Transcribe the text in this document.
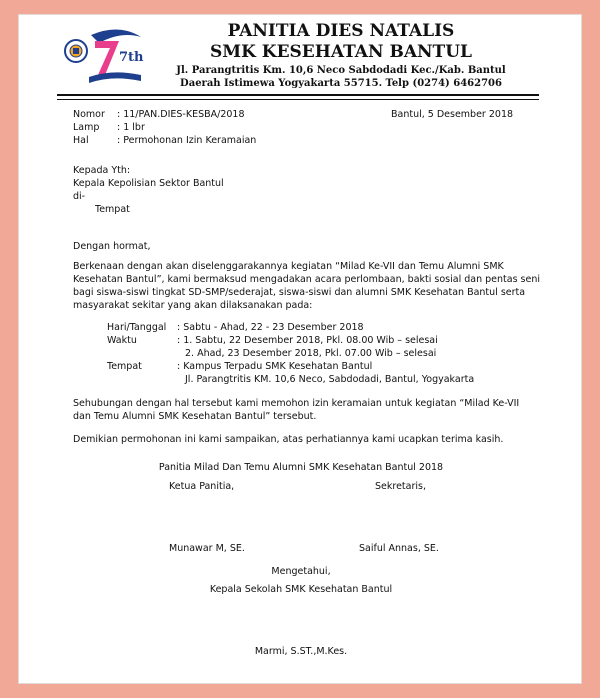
7th
PANITIA DIES NATALIS
SMK KESEHATAN BANTUL
Jl. Parangtritis Km. 10,6 Neco Sabdodadi Kec./Kab. Bantul
Daerah Istimewa Yogyakarta 55715. Telp (0274) 6462706
Nomor : 11/PAN.DIES-KESBA/2018	Bantul, 5 Desember 2018
Lamp : 1 lbr
Hal	: Permohonan Izin Keramaian
Kepada Yth:
Kepala Kepolisian Sektor Bantul
di-
Tempat
Dengan hormat,
Berkenaan dengan akan diselenggarakannya kegiatan “Milad Ke-VII dan Temu Alumni SMK
Kesehatan Bantul”, kami bermaksud mengadakan acara perlombaan, bakti sosial dan pentas seni
bagi siswa-siswi tingkat SD-SMP/sederajat, siswa-siswi dan alumni SMK Kesehatan Bantul serta
masyarakat sekitar yang akan dilaksanakan pada:
Hari/Tanggal : Sabtu - Ahad, 22 - 23 Desember 2018
Waktu	: 1. Sabtu, 22 Desember 2018, Pkl. 08.00 Wib – selesai
2. Ahad, 23 Desember 2018, Pkl. 07.00 Wib – selesai
Tempat	: Kampus Terpadu SMK Kesehatan Bantul
Jl. Parangtritis KM. 10,6 Neco, Sabdodadi, Bantul, Yogyakarta
Sehubungan dengan hal tersebut kami memohon izin keramaian untuk kegiatan “Milad Ke-VII
dan Temu Alumni SMK Kesehatan Bantul” tersebut.
Demikian permohonan ini kami sampaikan, atas perhatiannya kami ucapkan terima kasih.
Panitia Milad Dan Temu Alumni SMK Kesehatan Bantul 2018
Ketua Panitia,	Sekretaris,
Munawar M, SE.	Saiful Annas, SE.
Mengetahui,
Kepala Sekolah SMK Kesehatan Bantul
Marmi, S.ST.,M.Kes.
